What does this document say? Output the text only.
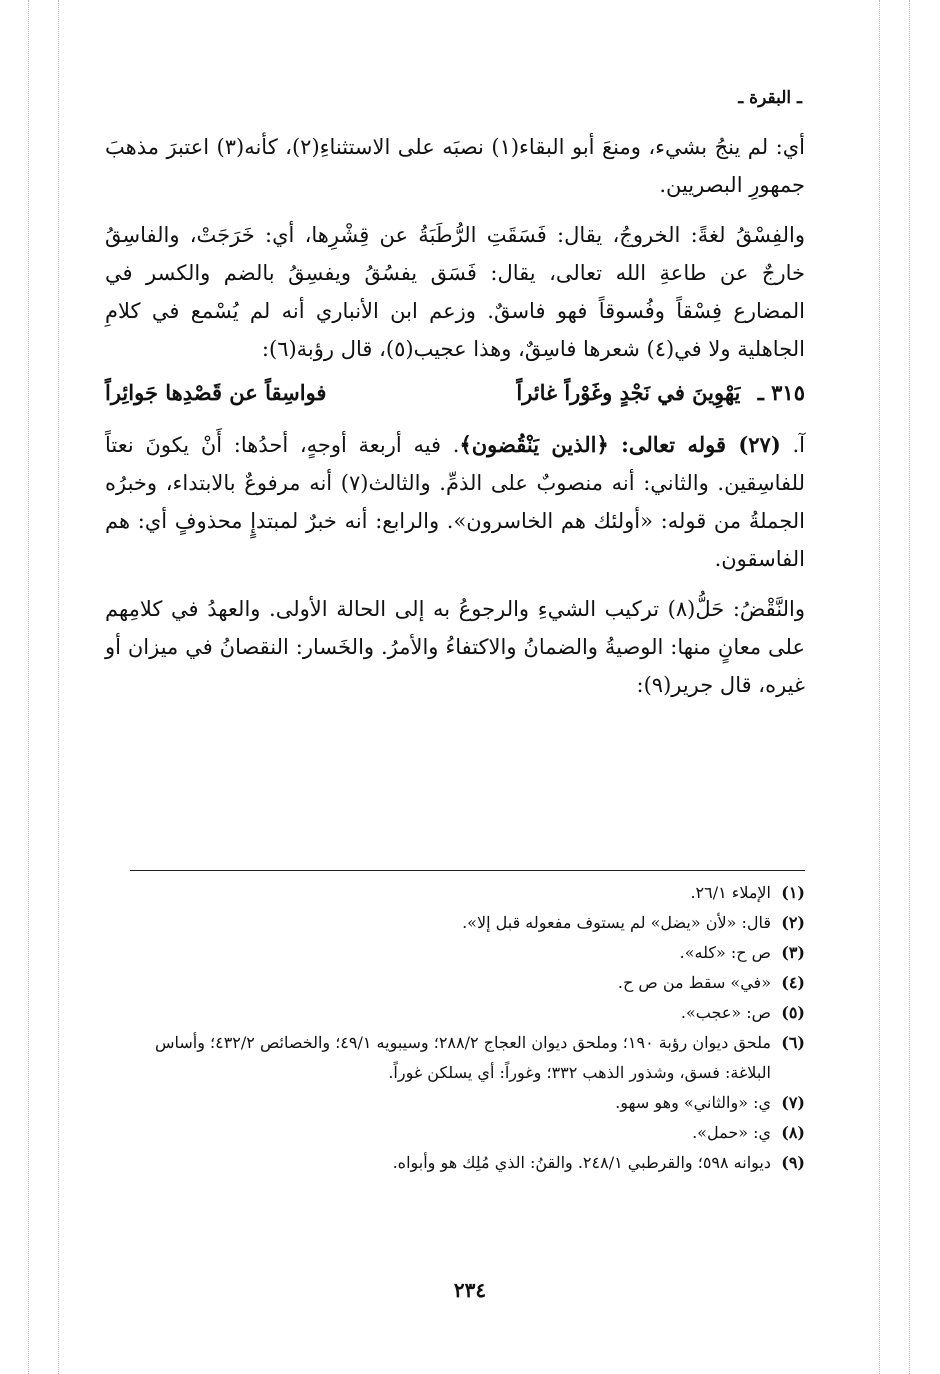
ـ البقرة ـ

أي: لم ينجُ بشيء، ومنعَ أبو البقاء(١) نصبَه على الاستثناءِ(٢)، كأنه(٣) اعتبرَ مذهبَ جمهورِ البصريين.

والفِسْقُ لغةً: الخروجُ، يقال: فَسَقَتِ الرُّطَبَةُ عن قِشْرِها، أي: خَرَجَتْ، والفاسِقُ خارجٌ عن طاعةِ الله تعالى، يقال: فَسَق يفسُقُ ويفسِقُ بالضم والكسر في المضارع فِسْقاً وفُسوقاً فهو فاسقٌ. وزعم ابن الأنباري أنه لم يُسْمع في كلامِ الجاهلية ولا في(٤) شعرها فاسِقٌ، وهذا عجيب(٥)، قال رؤبة(٦):

٣١٥ ـ يَهْوِينَ في نَجْدٍ وغَوْراً غائراً
فواسِقاً عن قَصْدِها جَوائِراً

آ. (٢٧) قوله تعالى: ﴿الذين يَنْقُضون﴾. فيه أربعة أوجهٍ، أحدُها: أَنْ يكونَ نعتاً للفاسِقين. والثاني: أنه منصوبٌ على الذمِّ. والثالث(٧) أنه مرفوعٌ بالابتداء، وخبرُه الجملةُ من قوله: «أولئك هم الخاسرون». والرابع: أنه خبرٌ لمبتدإٍ محذوفٍ أي: هم الفاسقون.

والنَّقْضُ: حَلُّ(٨) تركيب الشيءِ والرجوعُ به إلى الحالة الأولى. والعهدُ في كلامِهم على معانٍ منها: الوصيةُ والضمانُ والاكتفاءُ والأمرُ. والخَسار: النقصانُ في ميزان أو غيره، قال جرير(٩):

(١)
الإملاء ٢٦/١.
(٢)
قال: «لأن «يضل» لم يستوف مفعوله قبل إلا».
(٣)
ص ح: «كله».
(٤)
«في» سقط من ص ح.
(٥)
ص: «عجب».
(٦)
ملحق ديوان رؤبة ١٩٠؛ وملحق ديوان العجاج ٢٨٨/٢؛ وسيبويه ٤٩/١؛ والخصائص ٤٣٢/٢؛ وأساس البلاغة: فسق، وشذور الذهب ٣٣٢؛ وغوراً: أي يسلكن غوراً.
(٧)
ي: «والثاني» وهو سهو.
(٨)
ي: «حمل».
(٩)
ديوانه ٥٩٨؛ والقرطبي ٢٤٨/١. والقنُ: الذي مُلِك هو وأبواه.
٢٣٤
